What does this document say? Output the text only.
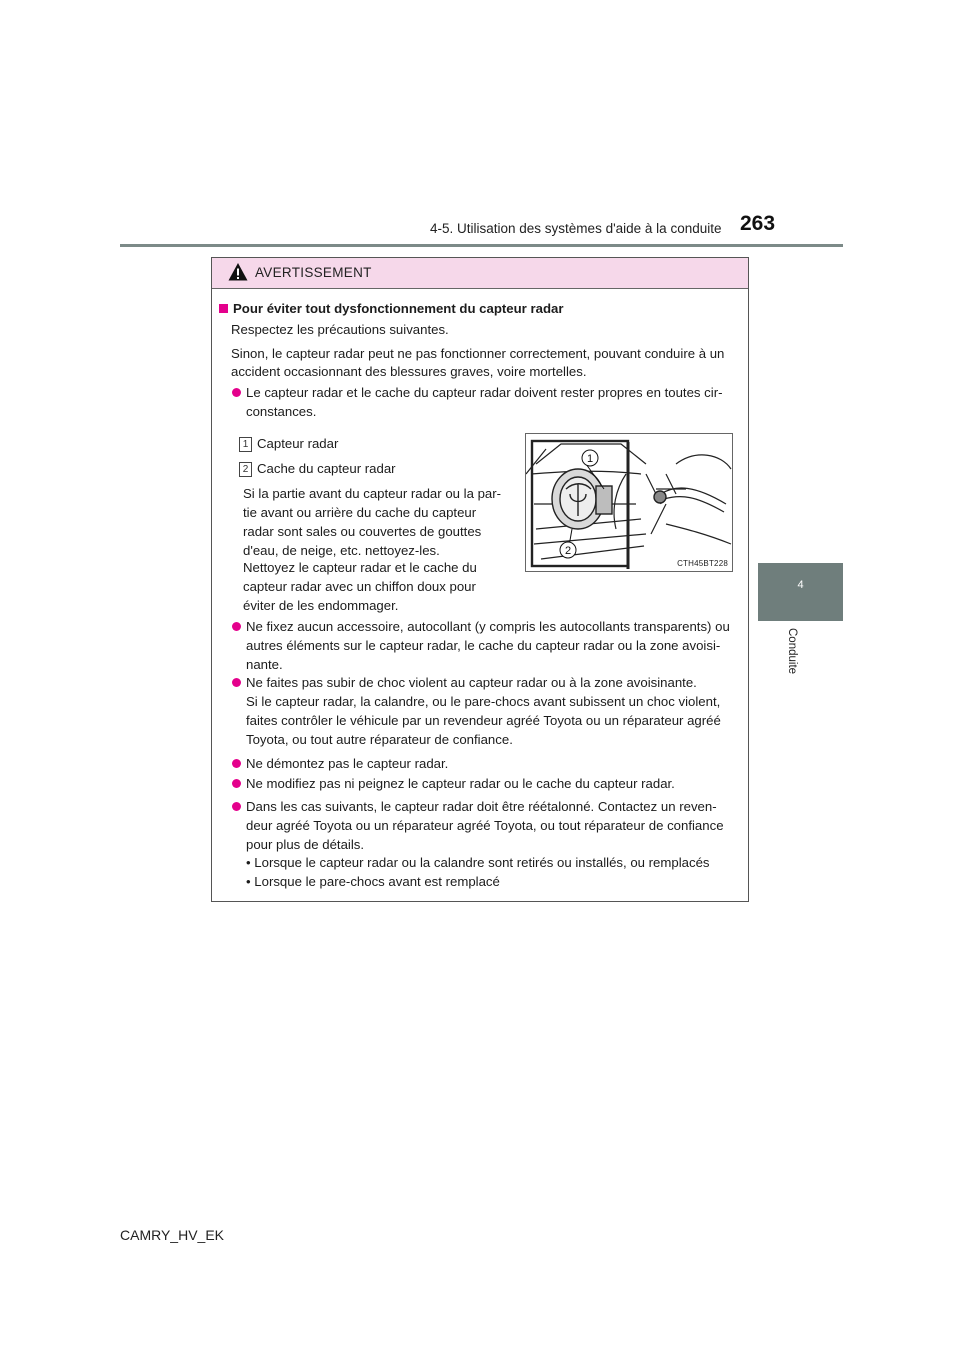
4-5. Utilisation des systèmes d'aide à la conduite 263
4
Conduite
AVERTISSEMENT
Pour éviter tout dysfonctionnement du capteur radar
Respectez les précautions suivantes.
Sinon, le capteur radar peut ne pas fonctionner correctement, pouvant conduire à un
accident occasionnant des blessures graves, voire mortelles.
Le capteur radar et le cache du capteur radar doivent rester propres en toutes cir-
constances.
1 Capteur radar
2 Cache du capteur radar
Si la partie avant du capteur radar ou la par-
tie avant ou arrière du cache du capteur
radar sont sales ou couvertes de gouttes
d'eau, de neige, etc. nettoyez-les.
Nettoyez le capteur radar et le cache du
capteur radar avec un chiffon doux pour
éviter de les endommager.
1
2
CTH45BT228
Ne fixez aucun accessoire, autocollant (y compris les autocollants transparents) ou
autres éléments sur le capteur radar, le cache du capteur radar ou la zone avoisi-
nante.
Ne faites pas subir de choc violent au capteur radar ou à la zone avoisinante.
Si le capteur radar, la calandre, ou le pare-chocs avant subissent un choc violent,
faites contrôler le véhicule par un revendeur agréé Toyota ou un réparateur agréé
Toyota, ou tout autre réparateur de confiance.
Ne démontez pas le capteur radar.
Ne modifiez pas ni peignez le capteur radar ou le cache du capteur radar.
Dans les cas suivants, le capteur radar doit être réétalonné. Contactez un reven-
deur agréé Toyota ou un réparateur agréé Toyota, ou tout réparateur de confiance
pour plus de détails.
• Lorsque le capteur radar ou la calandre sont retirés ou installés, ou remplacés
• Lorsque le pare-chocs avant est remplacé
CAMRY_HV_EK
